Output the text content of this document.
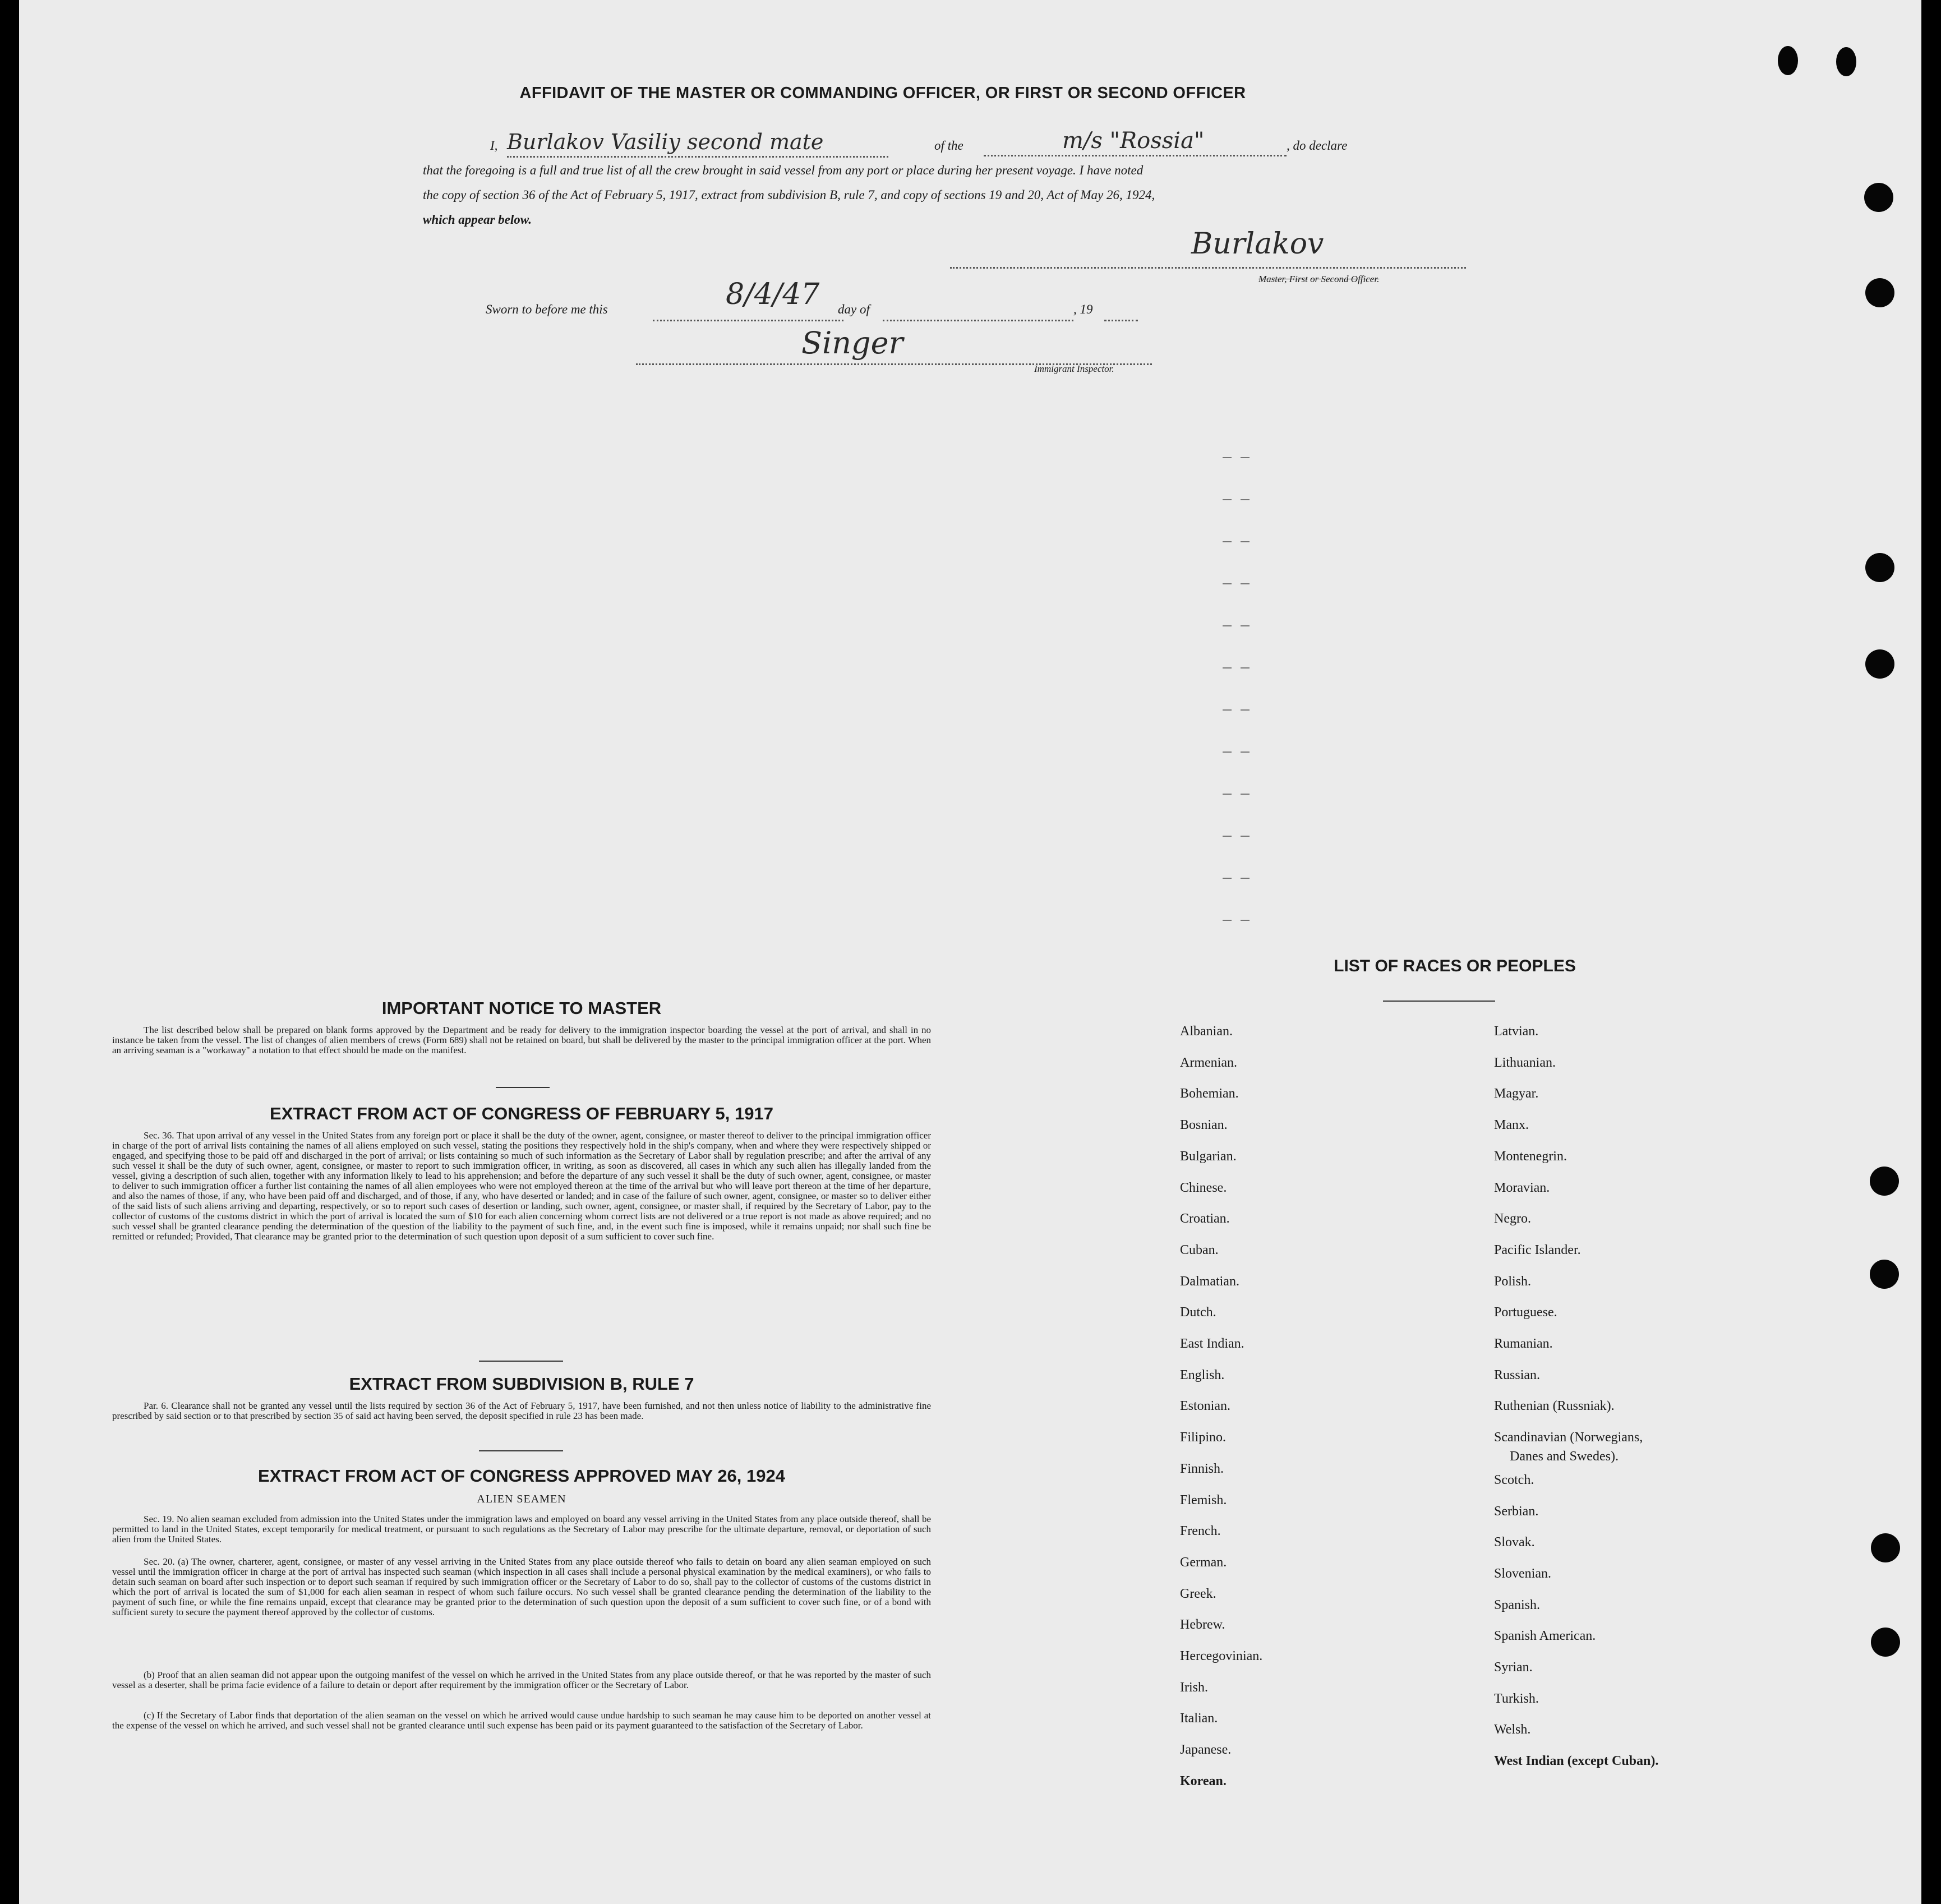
AFFIDAVIT OF THE MASTER OR COMMANDING OFFICER, OR FIRST OR SECOND OFFICER
I, Burlakov Vasiliy second mate	of the	m/s "Rossia"	, do declare
that the foregoing is a full and true list of all the crew brought in said vessel from any port or place during her present voyage. I have noted
the copy of section 36 of the Act of February 5, 1917, extract from subdivision B, rule 7, and copy of sections 19 and 20, Act of May 26, 1924,
which appear below.
Burlakov
Master, First or Second Officer.
Sworn to before me this	8/4/47 day of	, 19
Singer
Immigrant Inspector.
IMPORTANT NOTICE TO MASTER
The list described below shall be prepared on blank forms approved by the Department and be ready for delivery to the immigration inspector boarding the vessel at the port of arrival, and shall in no instance be taken from the vessel. The list of changes of alien members of crews (Form 689) shall not be retained on board, but shall be delivered by the master to the principal immigration officer at the port. When an arriving seaman is a "workaway" a notation to that effect should be made on the manifest.
EXTRACT FROM ACT OF CONGRESS OF FEBRUARY 5, 1917
Sec. 36. That upon arrival of any vessel in the United States from any foreign port or place it shall be the duty of the owner, agent, consignee, or master thereof to deliver to the principal immigration officer in charge of the port of arrival lists containing the names of all aliens employed on such vessel, stating the positions they respectively hold in the ship's company, when and where they were respectively shipped or engaged, and specifying those to be paid off and discharged in the port of arrival; or lists containing so much of such information as the Secretary of Labor shall by regulation prescribe; and after the arrival of any such vessel it shall be the duty of such owner, agent, consignee, or master to report to such immigration officer, in writing, as soon as discovered, all cases in which any such alien has illegally landed from the vessel, giving a description of such alien, together with any information likely to lead to his apprehension; and before the departure of any such vessel it shall be the duty of such owner, agent, consignee, or master to deliver to such immigration officer a further list containing the names of all alien employees who were not employed thereon at the time of the arrival but who will leave port thereon at the time of her departure, and also the names of those, if any, who have been paid off and discharged, and of those, if any, who have deserted or landed; and in case of the failure of such owner, agent, consignee, or master so to deliver either of the said lists of such aliens arriving and departing, respectively, or so to report such cases of desertion or landing, such owner, agent, consignee, or master shall, if required by the Secretary of Labor, pay to the collector of customs of the customs district in which the port of arrival is located the sum of $10 for each alien concerning whom correct lists are not delivered or a true report is not made as above required; and no such vessel shall be granted clearance pending the determination of the question of the liability to the payment of such fine, and, in the event such fine is imposed, while it remains unpaid; nor shall such fine be remitted or refunded; Provided, That clearance may be granted prior to the determination of such question upon deposit of a sum sufficient to cover such fine.
EXTRACT FROM SUBDIVISION B, RULE 7
Par. 6. Clearance shall not be granted any vessel until the lists required by section 36 of the Act of February 5, 1917, have been furnished, and not then unless notice of liability to the administrative fine prescribed by said section or to that prescribed by section 35 of said act having been served, the deposit specified in rule 23 has been made.
EXTRACT FROM ACT OF CONGRESS APPROVED MAY 26, 1924
ALIEN SEAMEN
Sec. 19. No alien seaman excluded from admission into the United States under the immigration laws and employed on board any vessel arriving in the United States from any place outside thereof, shall be permitted to land in the United States, except temporarily for medical treatment, or pursuant to such regulations as the Secretary of Labor may prescribe for the ultimate departure, removal, or deportation of such alien from the United States.
Sec. 20. (a) The owner, charterer, agent, consignee, or master of any vessel arriving in the United States from any place outside thereof who fails to detain on board any alien seaman employed on such vessel until the immigration officer in charge at the port of arrival has inspected such seaman (which inspection in all cases shall include a personal physical examination by the medical examiners), or who fails to detain such seaman on board after such inspection or to deport such seaman if required by such immigration officer or the Secretary of Labor to do so, shall pay to the collector of customs of the customs district in which the port of arrival is located the sum of $1,000 for each alien seaman in respect of whom such failure occurs. No such vessel shall be granted clearance pending the determination of the liability to the payment of such fine, or while the fine remains unpaid, except that clearance may be granted prior to the determination of such question upon the deposit of a sum sufficient to cover such fine, or of a bond with sufficient surety to secure the payment thereof approved by the collector of customs.
(b) Proof that an alien seaman did not appear upon the outgoing manifest of the vessel on which he arrived in the United States from any place outside thereof, or that he was reported by the master of such vessel as a deserter, shall be prima facie evidence of a failure to detain or deport after requirement by the immigration officer or the Secretary of Labor.
(c) If the Secretary of Labor finds that deportation of the alien seaman on the vessel on which he arrived would cause undue hardship to such seaman he may cause him to be deported on another vessel at the expense of the vessel on which he arrived, and such vessel shall not be granted clearance until such expense has been paid or its payment guaranteed to the satisfaction of the Secretary of Labor.
LIST OF RACES OR PEOPLES
Albanian.
Armenian.
Bohemian.
Bosnian.
Bulgarian.
Chinese.
Croatian.
Cuban.
Dalmatian.
Dutch.
East Indian.
English.
Estonian.
Filipino.
Finnish.
Flemish.
French.
German.
Greek.
Hebrew.
Hercegovinian.
Irish.
Italian.
Japanese.
Korean.
Latvian.
Lithuanian.
Magyar.
Manx.
Montenegrin.
Moravian.
Negro.
Pacific Islander.
Polish.
Portuguese.
Rumanian.
Russian.
Ruthenian (Russniak).
Scandinavian (Norwegians,
Danes and Swedes).
Scotch.
Serbian.
Slovak.
Slovenian.
Spanish.
Spanish American.
Syrian.
Turkish.
Welsh.
West Indian (except Cuban).
